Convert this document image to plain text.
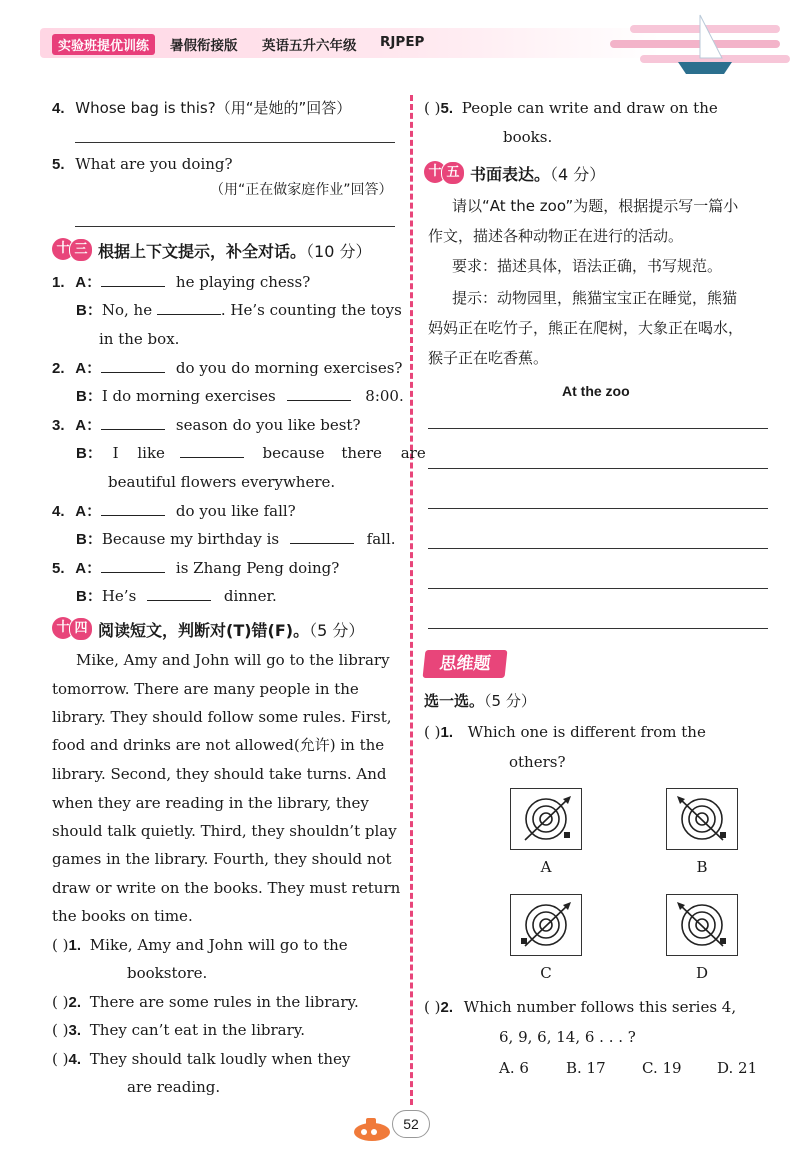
实验班提优训练	暑假衔接版 英语五升六年级 RJPEP
4. Whose bag is this?（用“是她的”回答）
5. What are you doing?
（用“正在做家庭作业”回答）
十 三 根据上下文提示，补全对话。（10 分）
1. A：	he playing chess?
B：No, he	. He’s counting the toys
in the box.
2. A：	do you do morning exercises?
B：I do morning exercises	8:00.
3. A：	season do you like best?
B： I like	because there are
beautiful flowers everywhere.
4. A：	do you like fall?
B：Because my birthday is	fall.
5. A：	is Zhang Peng doing?
B：He’s	dinner.
十 四 阅读短文，判断对(T)错(F)。（5 分）
Mike, Amy and John will go to the library
tomorrow. There are many people in the
library. They should follow some rules. First,
food and drinks are not allowed(允许) in the
library. Second, they should take turns. And
when they are reading in the library, they
should talk quietly. Third, they shouldn’t play
games in the library. Fourth, they should not
draw or write on the books. They must return
the books on time.
( )1. Mike, Amy and John will go to the
bookstore.
( )2. There are some rules in the library.
( )3. They can’t eat in the library.
( )4. They should talk loudly when they
are reading.
( )5. People can write and draw on the
books.
十 五 书面表达。（4 分）
请以“At the zoo”为题，根据提示写一篇小
作文，描述各种动物正在进行的活动。
要求：描述具体，语法正确，书写规范。
提示：动物园里，熊猫宝宝正在睡觉，熊猫
妈妈正在吃竹子，熊正在爬树，大象正在喝水，
猴子正在吃香蕉。
At the zoo
思维题
选一选。（5 分）
( )1. Which one is different from the
others?
A	B
C	D
( )2. Which number follows this series 4,
6, 9, 6, 14, 6 . . . ?
A. 6 B. 17 C. 19 D. 21
52
